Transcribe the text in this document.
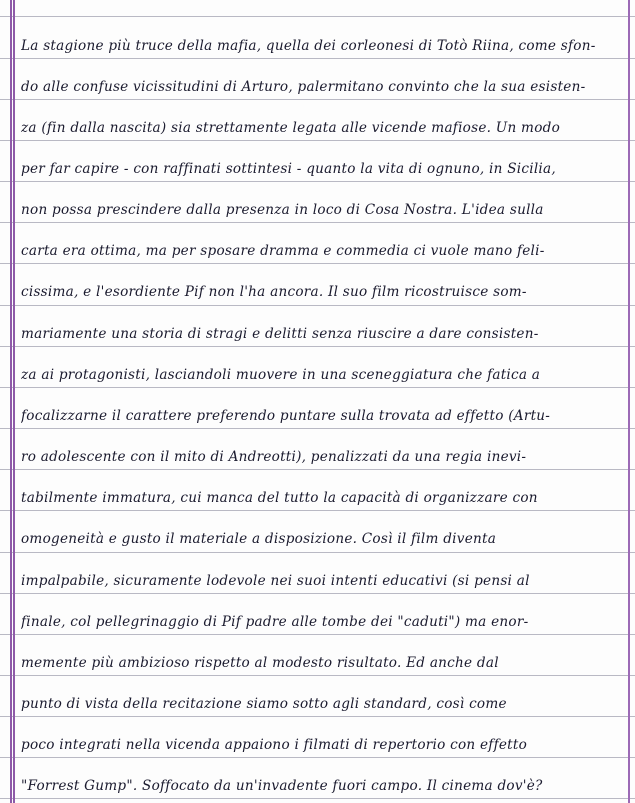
La stagione più truce della mafia, quella dei corleonesi di Totò Riina, come sfon-
do alle confuse vicissitudini di Arturo, palermitano convinto che la sua esisten-
za (fin dalla nascita) sia strettamente legata alle vicende mafiose. Un modo
per far capire - con raffinati sottintesi - quanto la vita di ognuno, in Sicilia,
non possa prescindere dalla presenza in loco di Cosa Nostra. L'idea sulla
carta era ottima, ma per sposare dramma e commedia ci vuole mano feli-
cissima, e l'esordiente Pif non l'ha ancora. Il suo film ricostruisce som-
mariamente una storia di stragi e delitti senza riuscire a dare consisten-
za ai protagonisti, lasciandoli muovere in una sceneggiatura che fatica a
focalizzarne il carattere preferendo puntare sulla trovata ad effetto (Artu-
ro adolescente con il mito di Andreotti), penalizzati da una regia inevi-
tabilmente immatura, cui manca del tutto la capacità di organizzare con
omogeneità e gusto il materiale a disposizione. Così il film diventa
impalpabile, sicuramente lodevole nei suoi intenti educativi (si pensi al
finale, col pellegrinaggio di Pif padre alle tombe dei "caduti") ma enor-
memente più ambizioso rispetto al modesto risultato. Ed anche dal
punto di vista della recitazione siamo sotto agli standard, così come
poco integrati nella vicenda appaiono i filmati di repertorio con effetto
"Forrest Gump". Soffocato da un'invadente fuori campo. Il cinema dov'è?
